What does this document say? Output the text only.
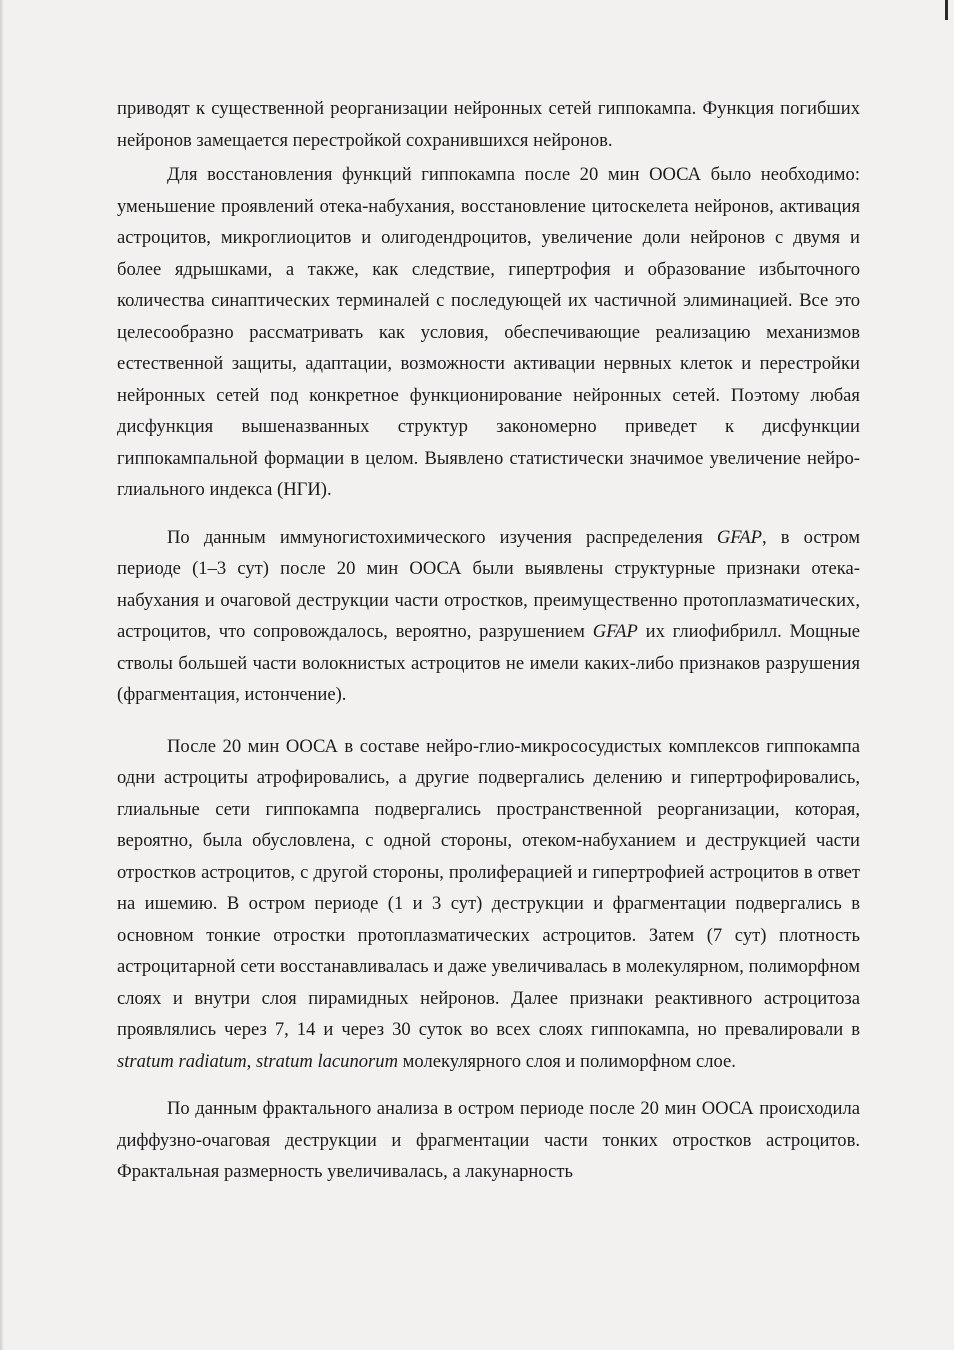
приводят к существенной реорганизации нейронных сетей гиппокампа. Функция погибших нейронов замещается перестройкой сохранившихся нейронов.

Для восстановления функций гиппокампа после 20 мин ООСА было необходимо: уменьшение проявлений отека-набухания, восстановление цитоскелета нейронов, активация астроцитов, микроглиоцитов и олигодендроцитов, увеличение доли нейронов с двумя и более ядрышками, а также, как следствие, гипертрофия и образование избыточного количества синаптических терминалей с последующей их частичной элиминацией. Все это целесообразно рассматривать как условия, обеспечивающие реализацию механизмов естественной защиты, адаптации, возможности активации нервных клеток и перестройки нейронных сетей под конкретное функционирование нейронных сетей. Поэтому любая дисфункция вышеназванных структур закономерно приведет к дисфункции гиппокампальной формации в целом. Выявлено статистически значимое увеличение нейро-глиального индекса (НГИ).

По данным иммуногистохимического изучения распределения GFAP, в остром периоде (1–3 сут) после 20 мин ООСА были выявлены структурные признаки отека-набухания и очаговой деструкции части отростков, преимущественно протоплазматических, астроцитов, что сопровождалось, вероятно, разрушением GFAP их глиофибрилл. Мощные стволы большей части волокнистых астроцитов не имели каких-либо признаков разрушения (фрагментация, истончение).

После 20 мин ООСА в составе нейро-глио-микрососудистых комплексов гиппокампа одни астроциты атрофировались, а другие подвергались делению и гипертрофировались, глиальные сети гиппокампа подвергались пространственной реорганизации, которая, вероятно, была обусловлена, с одной стороны, отеком-набуханием и деструкцией части отростков астроцитов, с другой стороны, пролиферацией и гипертрофией астроцитов в ответ на ишемию. В остром периоде (1 и 3 сут) деструкции и фрагментации подвергались в основном тонкие отростки протоплазматических астроцитов. Затем (7 сут) плотность астроцитарной сети восстанавливалась и даже увеличивалась в молекулярном, полиморфном слоях и внутри слоя пирамидных нейронов. Далее признаки реактивного астроцитоза проявлялись через 7, 14 и через 30 суток во всех слоях гиппокампа, но превалировали в stratum radiatum, stratum lacunorum молекулярного слоя и полиморфном слое.

По данным фрактального анализа в остром периоде после 20 мин ООСА происходила диффузно-очаговая деструкции и фрагментации части тонких отростков астроцитов. Фрактальная размерность увеличивалась, а лакунарность
